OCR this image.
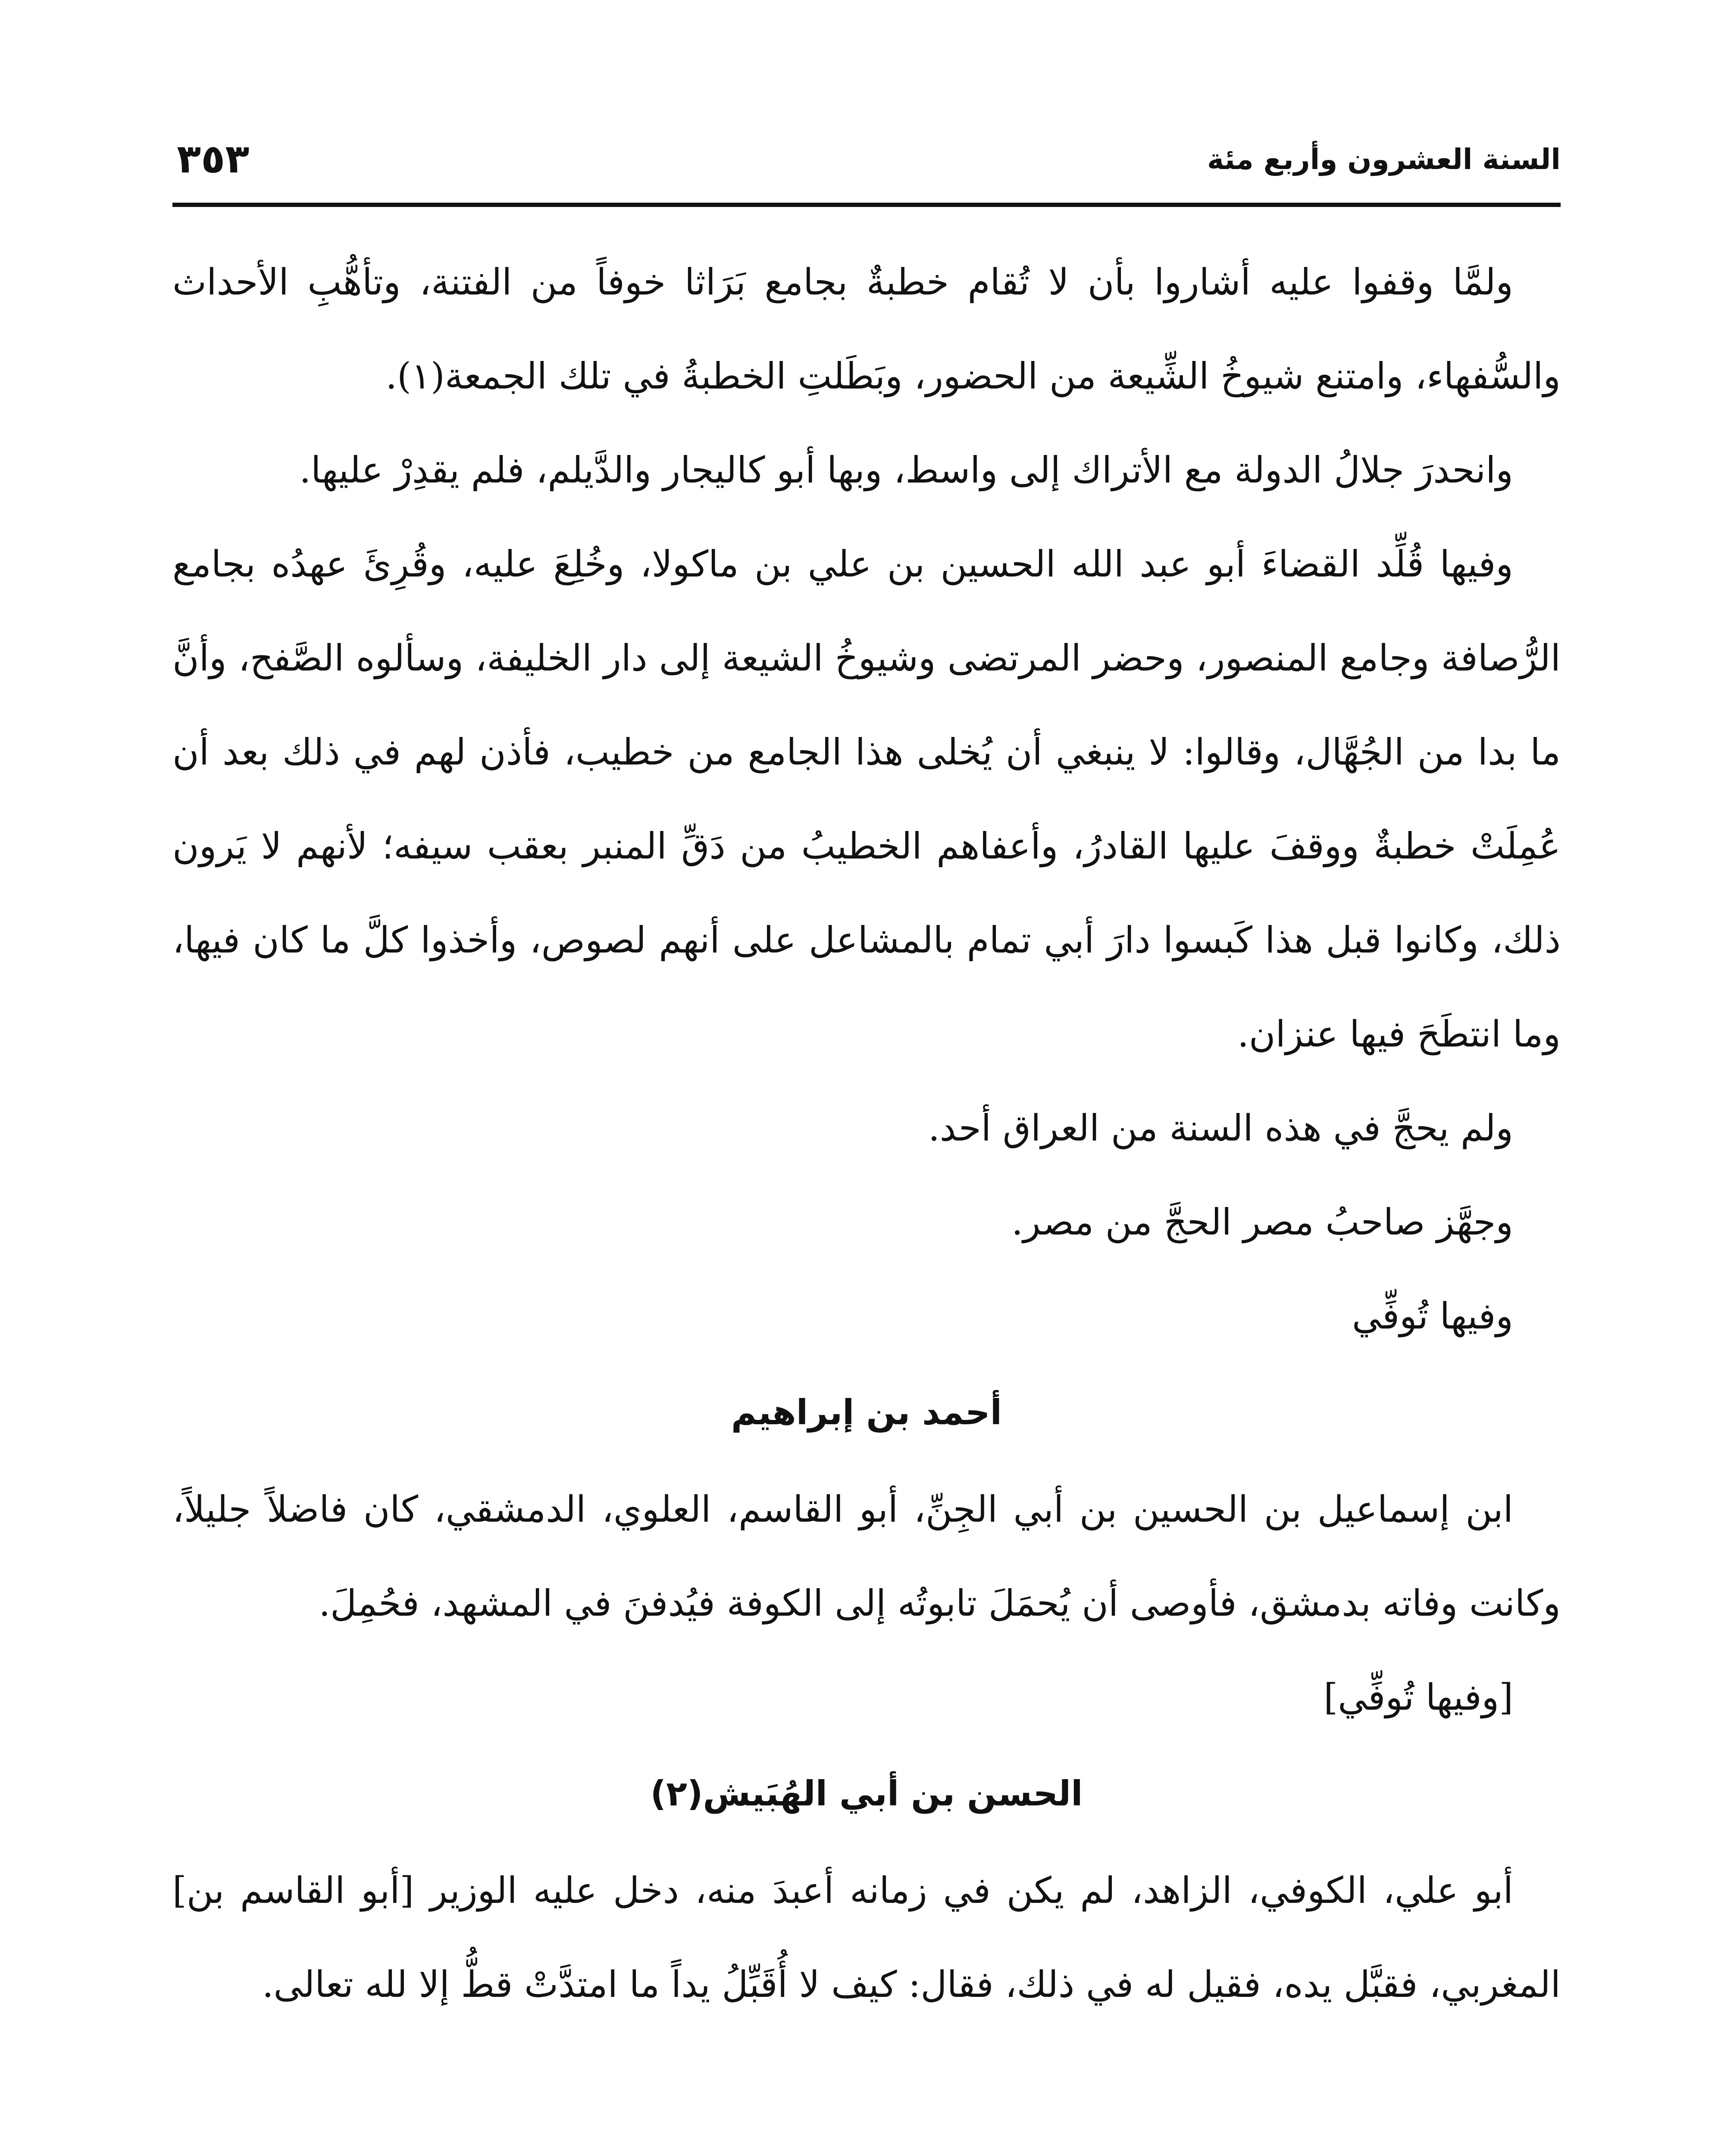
السنة العشرون وأربع مئة
٣٥٣

ولمَّا وقفوا عليه أشاروا بأن لا تُقام خطبةٌ بجامع بَرَاثا خوفاً من الفتنة، وتأهُّبِ الأحداث والسُّفهاء، وامتنع شيوخُ الشِّيعة من الحضور، وبَطَلتِ الخطبةُ في تلك الجمعة(١).

وانحدرَ جلالُ الدولة مع الأتراك إلى واسط، وبها أبو كاليجار والدَّيلم، فلم يقدِرْ عليها.

وفيها قُلِّد القضاءَ أبو عبد الله الحسين بن علي بن ماكولا، وخُلِعَ عليه، وقُرِئَ عهدُه بجامع الرُّصافة وجامع المنصور، وحضر المرتضى وشيوخُ الشيعة إلى دار الخليفة، وسألوه الصَّفح، وأنَّ ما بدا من الجُهَّال، وقالوا: لا ينبغي أن يُخلى هذا الجامع من خطيب، فأذن لهم في ذلك بعد أن عُمِلَتْ خطبةٌ ووقفَ عليها القادرُ، وأعفاهم الخطيبُ من دَقِّ المنبر بعقب سيفه؛ لأنهم لا يَرون ذلك، وكانوا قبل هذا كَبسوا دارَ أبي تمام بالمشاعل على أنهم لصوص، وأخذوا كلَّ ما كان فيها، وما انتطَحَ فيها عنزان.

ولم يحجَّ في هذه السنة من العراق أحد.

وجهَّز صاحبُ مصر الحجَّ من مصر.

وفيها تُوفِّي

أحمد بن إبراهيم

ابن إسماعيل بن الحسين بن أبي الجِنِّ، أبو القاسم، العلوي، الدمشقي، كان فاضلاً جليلاً، وكانت وفاته بدمشق، فأوصى أن يُحمَلَ تابوتُه إلى الكوفة فيُدفنَ في المشهد، فحُمِلَ.

[وفيها تُوفِّي]

الحسن بن أبي الهُبَيش(٢)

أبو علي، الكوفي، الزاهد، لم يكن في زمانه أعبدَ منه، دخل عليه الوزير [أبو القاسم بن] المغربي، فقبَّل يده، فقيل له في ذلك، فقال: كيف لا أُقَبِّلُ يداً ما امتدَّتْ قطُّ إلا لله تعالى.
